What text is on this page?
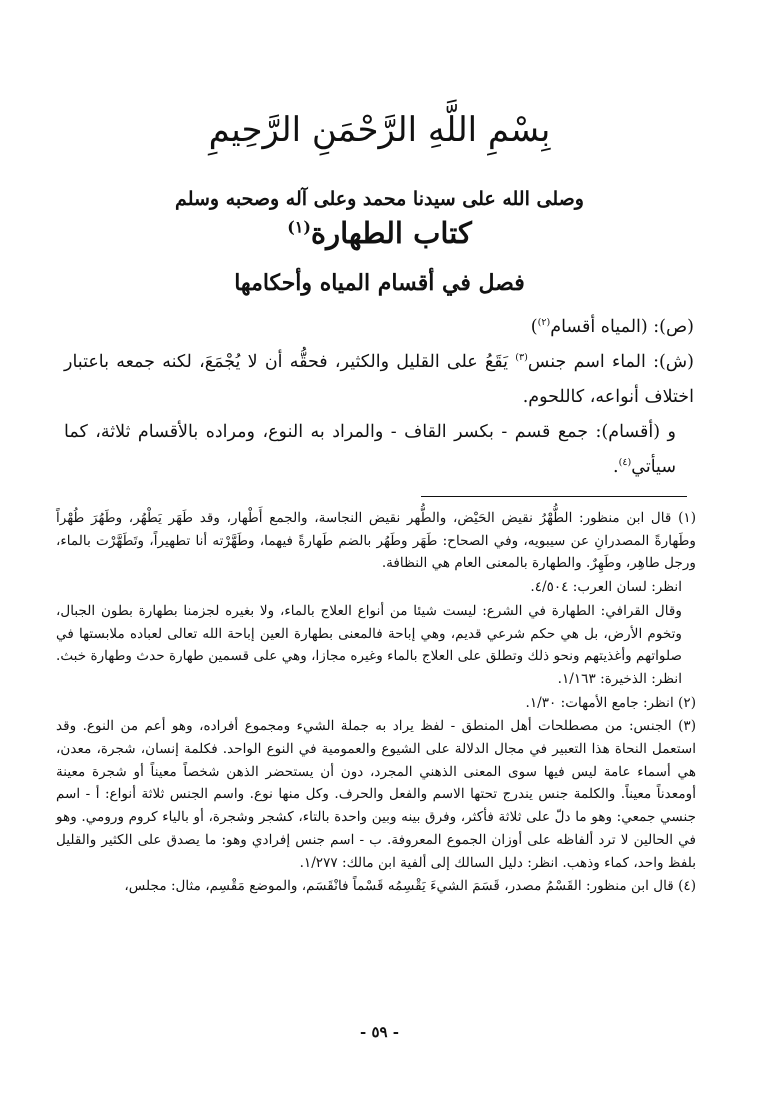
بِسْمِ اللَّهِ الرَّحْمَنِ الرَّحِيمِ
وصلى الله على سيدنا محمد وعلى آله وصحبه وسلم
كتاب الطهارة$^{(١)}$
فصل في أقسام المياه وأحكامها

(ص): (المياه أقسام$^{(٢)}$)

(ش): الماء اسم جنس$^{(٣)}$ يَقَعُ على القليل والكثير، فحقُّه أن لا يُجْمَعَ، لكنه جمعه باعتبار اختلاف أنواعه، كاللحوم.

و (أقسام): جمع قسم - بكسر القاف - والمراد به النوع، ومراده بالأقسام ثلاثة، كما سيأتي$^{(٤)}$.

(١) قال ابن منظور: الطُّهْرُ نقيض الحَيْض، والطُّهر نقيض النجاسة، والجمع أَطْهار، وقد طَهَر يَطْهُر، وطَهُرَ طُهْراً وطَهارةً المصدرانِ عن سيبويه، وفي الصحاح: طَهَر وطَهُر بالضم طَهارةً فيهما، وطَهَّرْته أنا تطهيراً، وتَطَهَّرْت بالماء، ورجل طاهِر، وطَهِرٌ. والطهارة بالمعنى العام هي النظافة.

انظر: لسان العرب: ٤/٥٠٤.

وقال القرافي: الطهارة في الشرع: ليست شيئا من أنواع العلاج بالماء، ولا بغيره لجزمنا بطهارة بطون الجبال، وتخوم الأرض، بل هي حكم شرعي قديم، وهي إباحة فالمعنى بطهارة العين إباحة الله تعالى لعباده ملابستها في صلواتهم وأغذيتهم ونحو ذلك وتطلق على العلاج بالماء وغيره مجازا، وهي على قسمين طهارة حدث وطهارة خبث. انظر: الذخيرة: ١/١٦٣.

(٢) انظر: جامع الأمهات: ١/٣٠.

(٣) الجنس: من مصطلحات أهل المنطق - لفظ يراد به جملة الشيء ومجموع أفراده، وهو أعم من النوع. وقد استعمل النحاة هذا التعبير في مجال الدلالة على الشيوع والعمومية في النوع الواحد. فكلمة إنسان، شجرة، معدن، هي أسماء عامة ليس فيها سوى المعنى الذهني المجرد، دون أن يستحضر الذهن شخصاً معيناً أو شجرة معينة أومعدناً معيناً. والكلمة جنس يندرج تحتها الاسم والفعل والحرف. وكل منها نوع. واسم الجنس ثلاثة أنواع: أ - اسم جنسي جمعي: وهو ما دلّ على ثلاثة فأكثر، وفرق بينه وبين واحدة بالتاء، كشجر وشجرة، أو بالياء كروم ورومي. وهو في الحالين لا ترد ألفاظه على أوزان الجموع المعروفة. ب - اسم جنس إفرادي وهو: ما يصدق على الكثير والقليل بلفظ واحد، كماء وذهب. انظر: دليل السالك إلى ألفية ابن مالك: ١/٢٧٧.

(٤) قال ابن منظور: القَسْمُ مصدر، قَسَمَ الشيءَ يَقْسِمُه قَسْماً فانْقَسَم، والموضع مَقْسِم، مثال: مجلس،

- ٥٩ -
